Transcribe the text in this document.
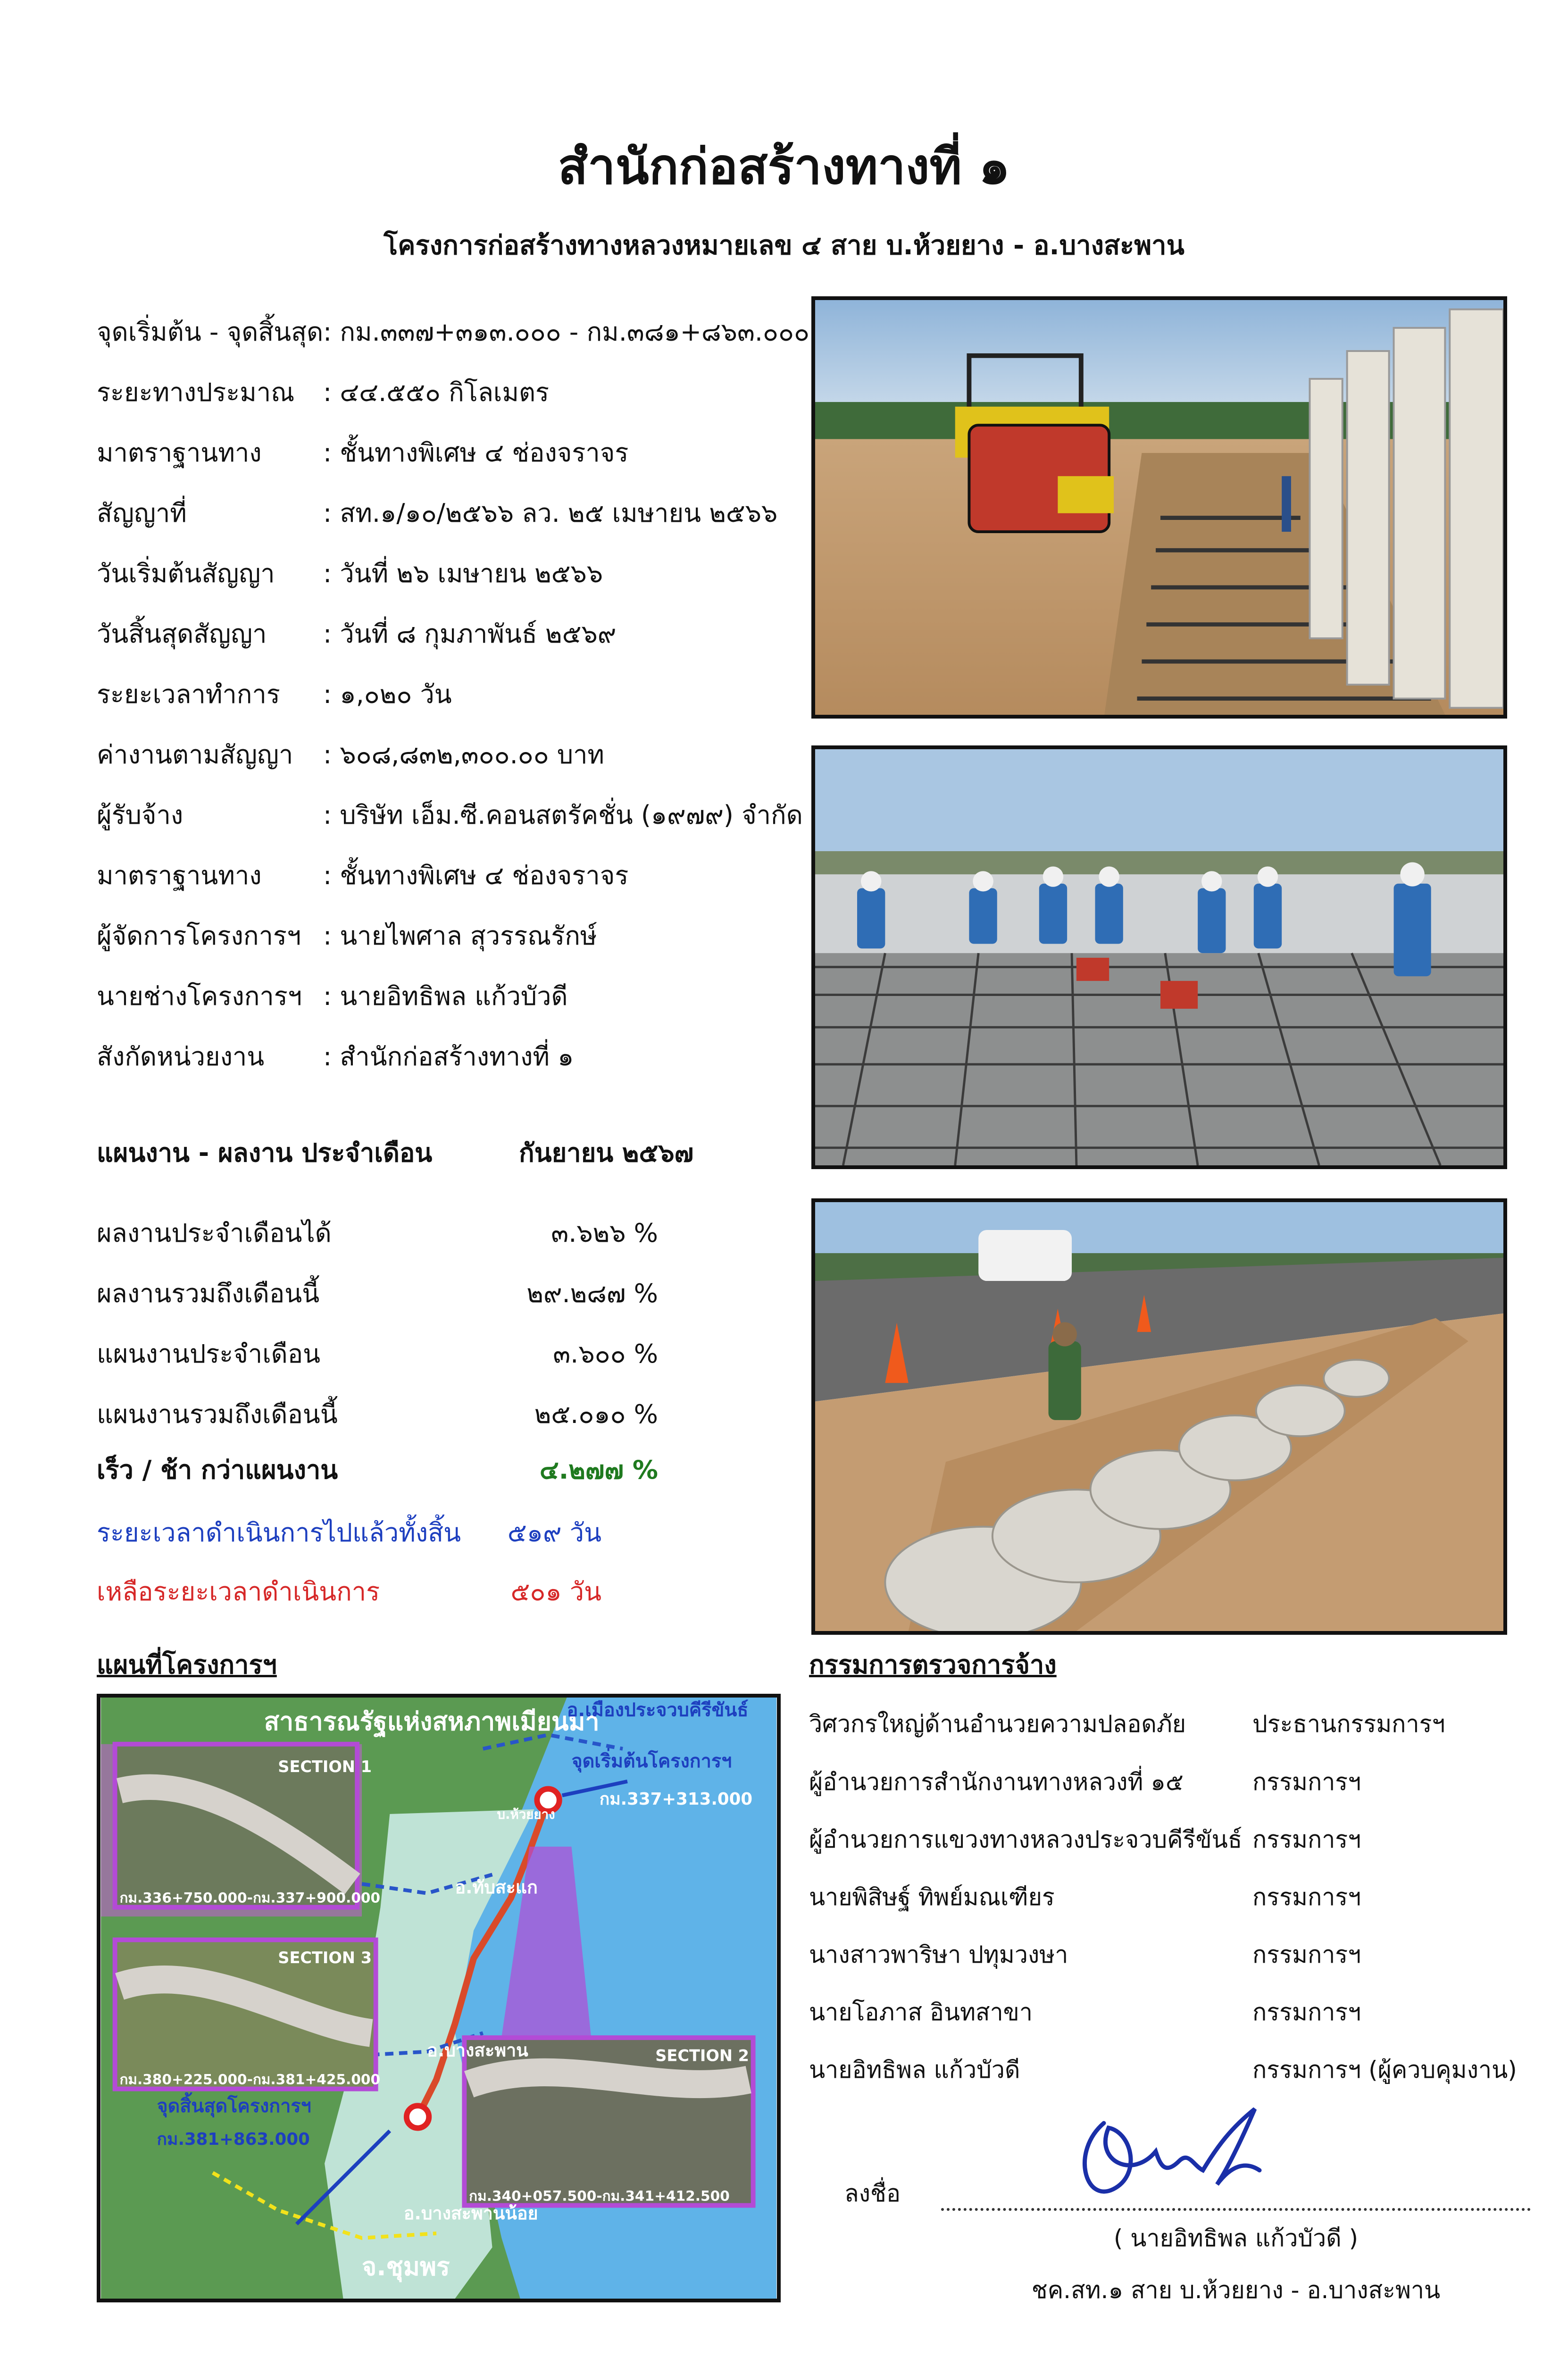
สำนักก่อสร้างทางที่ ๑
โครงการก่อสร้างทางหลวงหมายเลข ๔ สาย บ.ห้วยยาง - อ.บางสะพาน
จุดเริ่มต้น - จุดสิ้นสุด : กม.๓๓๗+๓๑๓.๐๐๐ - กม.๓๘๑+๘๖๓.๐๐๐
ระยะทางประมาณ : ๔๔.๕๕๐ กิโลเมตร
มาตราฐานทาง : ชั้นทางพิเศษ ๔ ช่องจราจร
สัญญาที่	: สท.๑/๑๐/๒๕๖๖ ลว. ๒๕ เมษายน ๒๕๖๖
วันเริ่มต้นสัญญา : วันที่ ๒๖ เมษายน ๒๕๖๖
วันสิ้นสุดสัญญา : วันที่ ๘ กุมภาพันธ์ ๒๕๖๙
ระยะเวลาทำการ : ๑,๐๒๐ วัน
ค่างานตามสัญญา : ๖๐๘,๘๓๒,๓๐๐.๐๐ บาท
ผู้รับจ้าง	: บริษัท เอ็ม.ซี.คอนสตรัคชั่น (๑๙๗๙) จำกัด
มาตราฐานทาง : ชั้นทางพิเศษ ๔ ช่องจราจร
ผู้จัดการโครงการฯ : นายไพศาล สุวรรณรักษ์
นายช่างโครงการฯ : นายอิทธิพล แก้วบัวดี
สังกัดหน่วยงาน : สำนักก่อสร้างทางที่ ๑
แผนงาน - ผลงาน ประจำเดือน	กันยายน ๒๕๖๗
ผลงานประจำเดือนได้	๓.๖๒๖ %
ผลงานรวมถึงเดือนนี้	๒๙.๒๘๗ %
แผนงานประจำเดือน	๓.๖๐๐ %
แผนงานรวมถึงเดือนนี้	๒๕.๐๑๐ %
เร็ว / ช้า กว่าแผนงาน	๔.๒๗๗ %
ระยะเวลาดำเนินการไปแล้วทั้งสิ้น ๕๑๙ วัน
เหลือระยะเวลาดำเนินการ	๕๐๑ วัน
แผนที่โครงการฯ
สาธารณรัฐแห่งสหภาพเมียนมา
อ.เมืองประจวบคีรีขันธ์
จุดเริ่มต้นโครงการฯ
กม.337+313.000
บ.ห้วยยาง
อ.ทับสะแก
อ.บางสะพาน
จุดสิ้นสุดโครงการฯ
กม.381+863.000
อ.บางสะพานน้อย
จ.ชุมพร
SECTION 1
กม.336+750.000-กม.337+900.000
SECTION 3
กม.380+225.000-กม.381+425.000
SECTION 2
กม.340+057.500-กม.341+412.500
กรรมการตรวจการจ้าง
วิศวกรใหญ่ด้านอำนวยความปลอดภัย	ประธานกรรมการฯ
ผู้อำนวยการสำนักงานทางหลวงที่ ๑๕	กรรมการฯ
ผู้อำนวยการแขวงทางหลวงประจวบคีรีขันธ์ กรรมการฯ
นายพิสิษฐ์ ทิพย์มณเฑียร	กรรมการฯ
นางสาวพาริษา ปทุมวงษา	กรรมการฯ
นายโอภาส อินทสาขา	กรรมการฯ
นายอิทธิพล แก้วบัวดี	กรรมการฯ (ผู้ควบคุมงาน)
ลงชื่อ
( นายอิทธิพล แก้วบัวดี )
ชค.สท.๑ สาย บ.ห้วยยาง - อ.บางสะพาน
